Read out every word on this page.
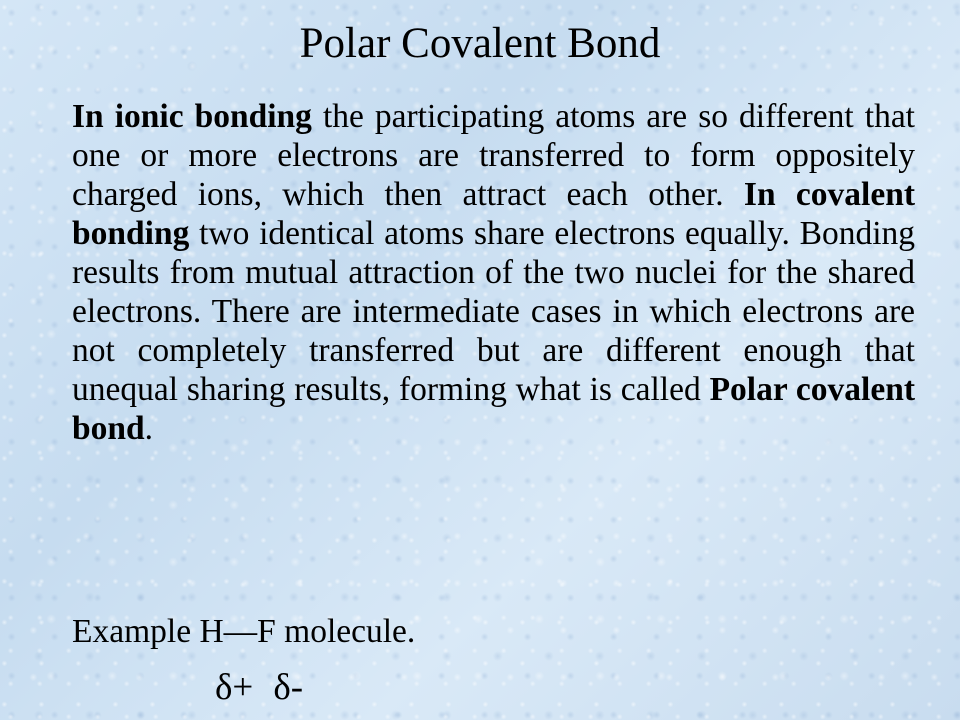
Polar Covalent Bond

In ionic bonding the participating atoms are so different that one or more electrons are transferred to form oppositely charged ions, which then attract each other. In covalent bonding two identical atoms share electrons equally. Bonding results from mutual attraction of the two nuclei for the shared electrons. There are intermediate cases in which electrons are not completely transferred but are different enough that unequal sharing results, forming what is called Polar covalent bond.

Example H—F molecule.

δ+ δ-
